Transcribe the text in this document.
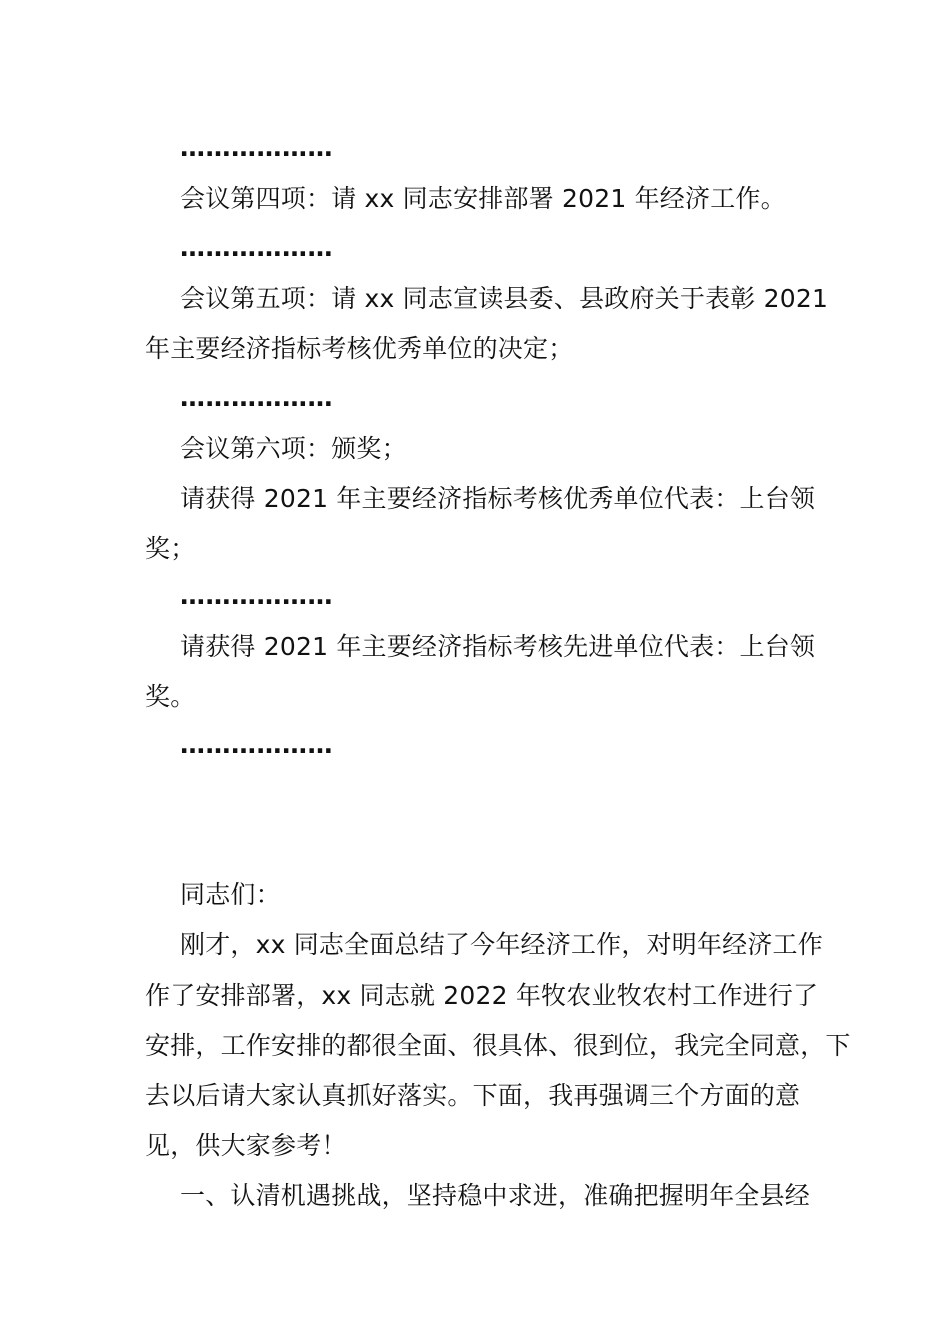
………………
会议第四项：请 xx 同志安排部署 2021 年经济工作。
………………
会议第五项：请 xx 同志宣读县委、县政府关于表彰 2021
年主要经济指标考核优秀单位的决定；
………………
会议第六项：颁奖；
请获得 2021 年主要经济指标考核优秀单位代表：上台领
奖；
………………
请获得 2021 年主要经济指标考核先进单位代表：上台领
奖。
………………
同志们：
刚才，xx 同志全面总结了今年经济工作，对明年经济工作
作了安排部署，xx 同志就 2022 年牧农业牧农村工作进行了
安排，工作安排的都很全面、很具体、很到位，我完全同意，下
去以后请大家认真抓好落实。下面，我再强调三个方面的意
见，供大家参考！
一、认清机遇挑战，坚持稳中求进，准确把握明年全县经
